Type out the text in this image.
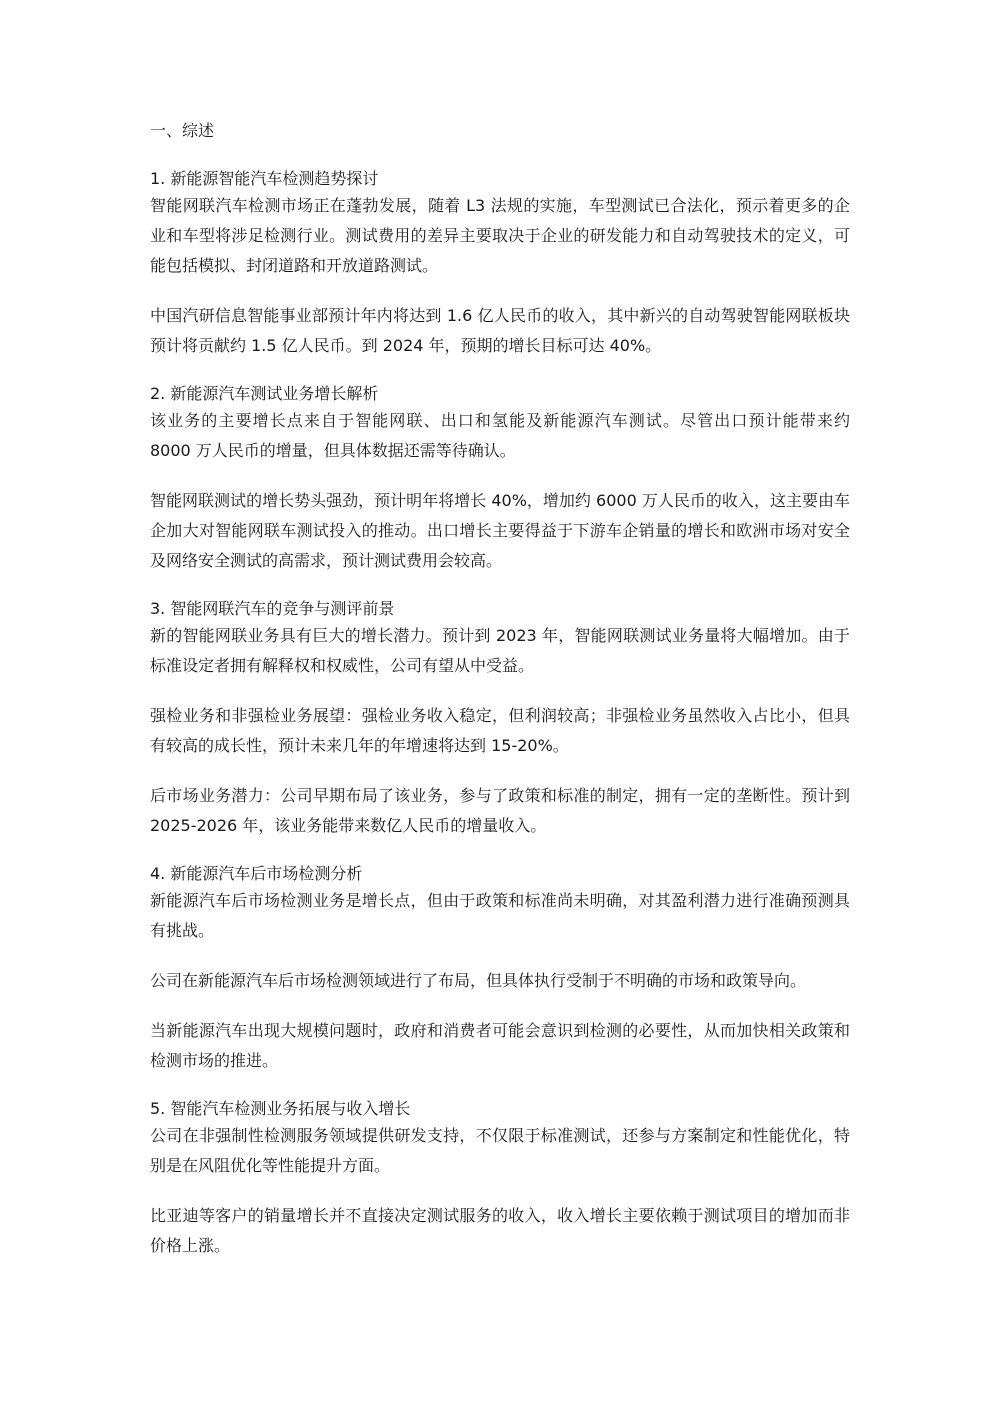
一、综述
1. 新能源智能汽车检测趋势探讨

智能网联汽车检测市场正在蓬勃发展，随着 L3 法规的实施，车型测试已合法化，预示着更多的企业和车型将涉足检测行业。测试费用的差异主要取决于企业的研发能力和自动驾驶技术的定义，可能包括模拟、封闭道路和开放道路测试。

中国汽研信息智能事业部预计年内将达到 1.6 亿人民币的收入，其中新兴的自动驾驶智能网联板块预计将贡献约 1.5 亿人民币。到 2024 年，预期的增长目标可达 40%。

2. 新能源汽车测试业务增长解析

该业务的主要增长点来自于智能网联、出口和氢能及新能源汽车测试。尽管出口预计能带来约 8000 万人民币的增量，但具体数据还需等待确认。

智能网联测试的增长势头强劲，预计明年将增长 40%，增加约 6000 万人民币的收入，这主要由车企加大对智能网联车测试投入的推动。出口增长主要得益于下游车企销量的增长和欧洲市场对安全及网络安全测试的高需求，预计测试费用会较高。

3. 智能网联汽车的竞争与测评前景

新的智能网联业务具有巨大的增长潜力。预计到 2023 年，智能网联测试业务量将大幅增加。由于标准设定者拥有解释权和权威性，公司有望从中受益。

强检业务和非强检业务展望：强检业务收入稳定，但利润较高；非强检业务虽然收入占比小，但具有较高的成长性，预计未来几年的年增速将达到 15-20%。

后市场业务潜力：公司早期布局了该业务，参与了政策和标准的制定，拥有一定的垄断性。预计到 2025-2026 年，该业务能带来数亿人民币的增量收入。

4. 新能源汽车后市场检测分析

新能源汽车后市场检测业务是增长点，但由于政策和标准尚未明确，对其盈利潜力进行准确预测具有挑战。

公司在新能源汽车后市场检测领域进行了布局，但具体执行受制于不明确的市场和政策导向。

当新能源汽车出现大规模问题时，政府和消费者可能会意识到检测的必要性，从而加快相关政策和检测市场的推进。

5. 智能汽车检测业务拓展与收入增长

公司在非强制性检测服务领域提供研发支持，不仅限于标准测试，还参与方案制定和性能优化，特别是在风阻优化等性能提升方面。

比亚迪等客户的销量增长并不直接决定测试服务的收入，收入增长主要依赖于测试项目的增加而非价格上涨。
